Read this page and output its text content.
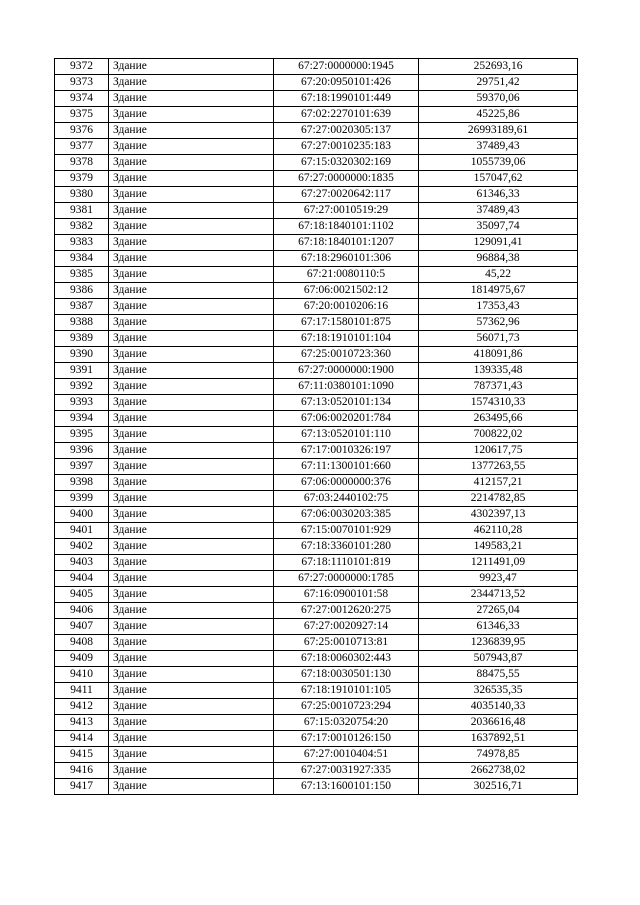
9372	Здание	67:27:0000000:1945	252693,16
9373	Здание	67:20:0950101:426	29751,42
9374	Здание	67:18:1990101:449	59370,06
9375	Здание	67:02:2270101:639	45225,86
9376	Здание	67:27:0020305:137	26993189,61
9377	Здание	67:27:0010235:183	37489,43
9378	Здание	67:15:0320302:169	1055739,06
9379	Здание	67:27:0000000:1835	157047,62
9380	Здание	67:27:0020642:117	61346,33
9381	Здание	67:27:0010519:29	37489,43
9382	Здание	67:18:1840101:1102	35097,74
9383	Здание	67:18:1840101:1207	129091,41
9384	Здание	67:18:2960101:306	96884,38
9385	Здание	67:21:0080110:5	45,22
9386	Здание	67:06:0021502:12	1814975,67
9387	Здание	67:20:0010206:16	17353,43
9388	Здание	67:17:1580101:875	57362,96
9389	Здание	67:18:1910101:104	56071,73
9390	Здание	67:25:0010723:360	418091,86
9391	Здание	67:27:0000000:1900	139335,48
9392	Здание	67:11:0380101:1090	787371,43
9393	Здание	67:13:0520101:134	1574310,33
9394	Здание	67:06:0020201:784	263495,66
9395	Здание	67:13:0520101:110	700822,02
9396	Здание	67:17:0010326:197	120617,75
9397	Здание	67:11:1300101:660	1377263,55
9398	Здание	67:06:0000000:376	412157,21
9399	Здание	67:03:2440102:75	2214782,85
9400	Здание	67:06:0030203:385	4302397,13
9401	Здание	67:15:0070101:929	462110,28
9402	Здание	67:18:3360101:280	149583,21
9403	Здание	67:18:1110101:819	1211491,09
9404	Здание	67:27:0000000:1785	9923,47
9405	Здание	67:16:0900101:58	2344713,52
9406	Здание	67:27:0012620:275	27265,04
9407	Здание	67:27:0020927:14	61346,33
9408	Здание	67:25:0010713:81	1236839,95
9409	Здание	67:18:0060302:443	507943,87
9410	Здание	67:18:0030501:130	88475,55
9411	Здание	67:18:1910101:105	326535,35
9412	Здание	67:25:0010723:294	4035140,33
9413	Здание	67:15:0320754:20	2036616,48
9414	Здание	67:17:0010126:150	1637892,51
9415	Здание	67:27:0010404:51	74978,85
9416	Здание	67:27:0031927:335	2662738,02
9417	Здание	67:13:1600101:150	302516,71
